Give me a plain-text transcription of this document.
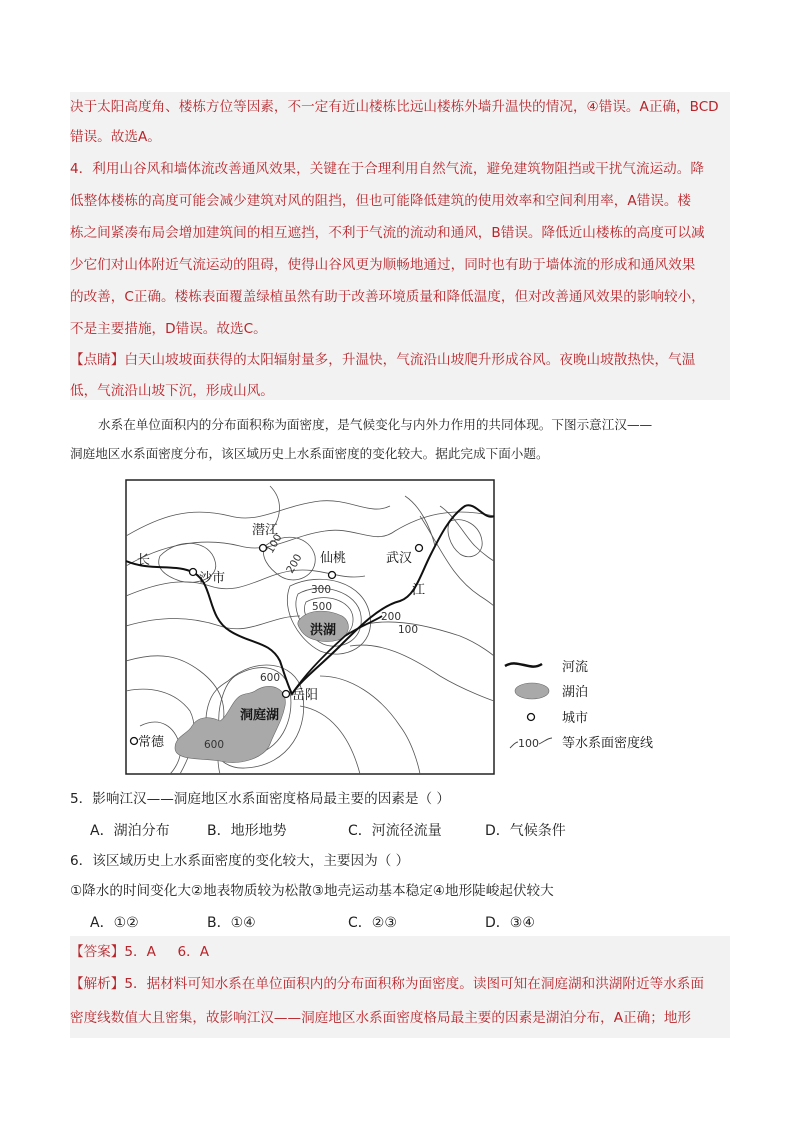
决于太阳高度角、楼栋方位等因素，不一定有近山楼栋比远山楼栋外墙升温快的情况，④错误。A正确，BCD
错误。故选A。
4．利用山谷风和墙体流改善通风效果，关键在于合理利用自然气流，避免建筑物阻挡或干扰气流运动。降
低整体楼栋的高度可能会减少建筑对风的阻挡，但也可能降低建筑的使用效率和空间利用率，A错误。楼
栋之间紧凑布局会增加建筑间的相互遮挡，不利于气流的流动和通风，B错误。降低近山楼栋的高度可以减
少它们对山体附近气流运动的阻碍，使得山谷风更为顺畅地通过，同时也有助于墙体流的形成和通风效果
的改善，C正确。楼栋表面覆盖绿植虽然有助于改善环境质量和降低温度，但对改善通风效果的影响较小，
不是主要措施，D错误。故选C。
【点睛】白天山坡坡面获得的太阳辐射量多，升温快，气流沿山坡爬升形成谷风。夜晚山坡散热快，气温
低，气流沿山坡下沉，形成山风。
水系在单位面积内的分布面积称为面密度，是气候变化与内外力作用的共同体现。下图示意江汉——
洞庭地区水系面密度分布，该区域历史上水系面密度的变化较大。据此完成下面小题。
潜江
沙市
仙桃	武汉
岳阳
常德
洪湖
洞庭湖
长
江
100
200
300
500
200
100
600
600
河流
湖泊
城市
100 等水系面密度线
5．影响江汉——洞庭地区水系面密度格局最主要的因素是（ ）
A．湖泊分布	B．地形地势	C．河流径流量	D．气候条件
6．该区域历史上水系面密度的变化较大，主要因为（ ）
①降水的时间变化大②地表物质较为松散③地壳运动基本稳定④地形陡峻起伏较大
A．①②	B．①④	C．②③	D．③④
【答案】5．A     6．A
【解析】5．据材料可知水系在单位面积内的分布面积称为面密度。读图可知在洞庭湖和洪湖附近等水系面
密度线数值大且密集，故影响江汉——洞庭地区水系面密度格局最主要的因素是湖泊分布，A正确；地形
